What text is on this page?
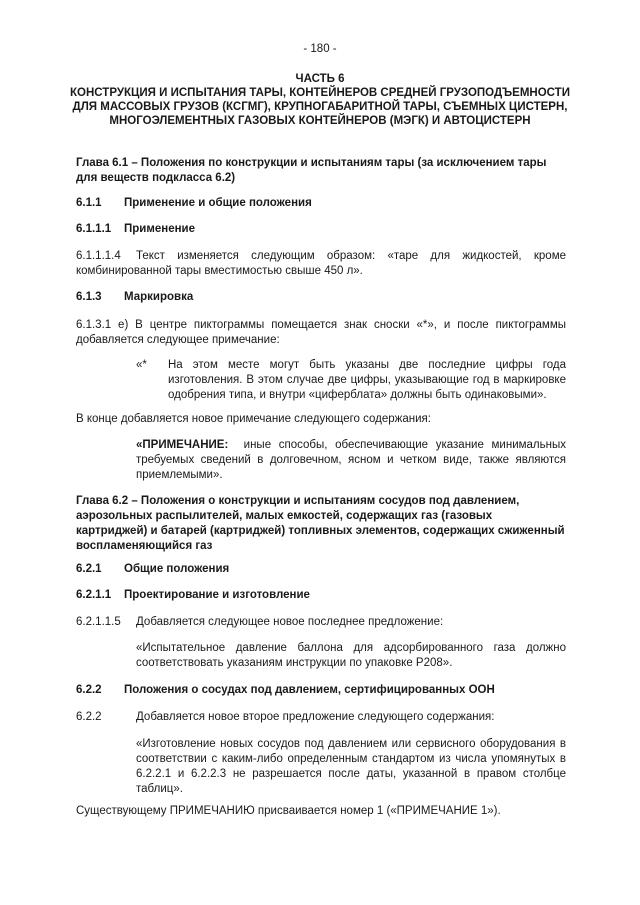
- 180 -
ЧАСТЬ 6
КОНСТРУКЦИЯ И ИСПЫТАНИЯ ТАРЫ, КОНТЕЙНЕРОВ СРЕДНЕЙ ГРУЗОПОДЪЕМНОСТИ ДЛЯ МАССОВЫХ ГРУЗОВ (КСГМГ), КРУПНОГАБАРИТНОЙ ТАРЫ, СЪЕМНЫХ ЦИСТЕРН, МНОГОЭЛЕМЕНТНЫХ ГАЗОВЫХ КОНТЕЙНЕРОВ (МЭГК) И АВТОЦИСТЕРН
Глава 6.1 – Положения по конструкции и испытаниям тары (за исключением тары для веществ подкласса 6.2)
6.1.1 Применение и общие положения
6.1.1.1 Применение
6.1.1.1.4 Текст изменяется следующим образом: «таре для жидкостей, кроме комбинированной тары вместимостью свыше 450 л».
6.1.3 Маркировка
6.1.3.1 е) В центре пиктограммы помещается знак сноски «*», и после пиктограммы добавляется следующее примечание:
«*	На этом месте могут быть указаны две последние цифры года изготовления. В этом случае две цифры, указывающие год в маркировке одобрения типа, и внутри «циферблата» должны быть одинаковыми».
В конце добавляется новое примечание следующего содержания:
«ПРИМЕЧАНИЕ: иные способы, обеспечивающие указание минимальных требуемых сведений в долговечном, ясном и четком виде, также являются приемлемыми».
Глава 6.2 – Положения о конструкции и испытаниям сосудов под давлением, аэрозольных распылителей, малых емкостей, содержащих газ (газовых картриджей) и батарей (картриджей) топливных элементов, содержащих сжиженный воспламеняющийся газ
6.2.1 Общие положения
6.2.1.1 Проектирование и изготовление
6.2.1.1.5 Добавляется следующее новое последнее предложение:
«Испытательное давление баллона для адсорбированного газа должно соответствовать указаниям инструкции по упаковке Р208».
6.2.2 Положения о сосудах под давлением, сертифицированных ООН
6.2.2	Добавляется новое второе предложение следующего содержания:
«Изготовление новых сосудов под давлением или сервисного оборудования в соответствии с каким-либо определенным стандартом из числа упомянутых в 6.2.2.1 и 6.2.2.3 не разрешается после даты, указанной в правом столбце таблиц».
Существующему ПРИМЕЧАНИЮ присваивается номер 1 («ПРИМЕЧАНИЕ 1»).
